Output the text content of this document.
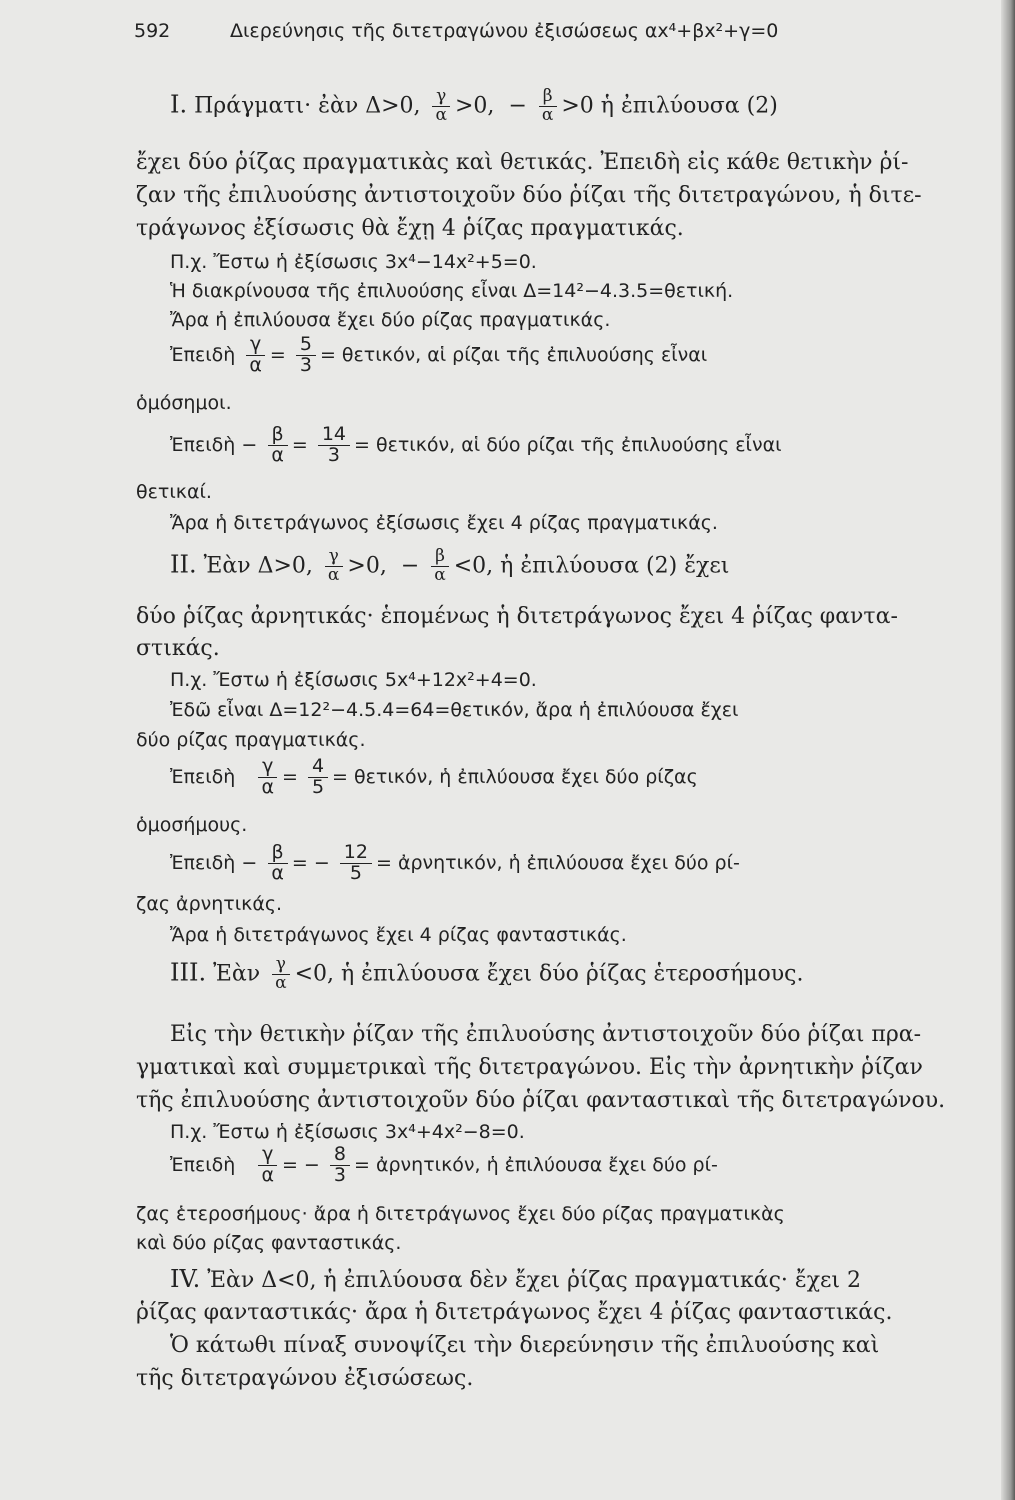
592	Διερεύνησις τῆς διτετραγώνου ἐξισώσεως αx⁴+βx²+γ=0
I. Πράγματι· ἐὰν Δ>0, $\frac{\gamma}{\alpha} >0$, − $\frac{\beta}{\alpha} >0$ ἡ ἐπιλύουσα (2)
ἔχει δύο ῥίζας πραγματικὰς καὶ θετικάς. Ἐπειδὴ εἰς κάθε θετικὴν ῥί-
ζαν τῆς ἐπιλυούσης ἀντιστοιχοῦν δύο ῥίζαι τῆς διτετραγώνου, ἡ διτε-
τράγωνος ἐξίσωσις θὰ ἔχῃ 4 ῥίζας πραγματικάς.
Π.χ. Ἔστω ἡ ἐξίσωσις 3x⁴−14x²+5=0.
Ἡ διακρίνουσα τῆς ἐπιλυούσης εἶναι Δ=14²−4.3.5=θετική.
Ἄρα ἡ ἐπιλύουσα ἔχει δύο ρίζας πραγματικάς.
Ἐπειδὴ $\frac{\gamma}{\alpha} = \frac{5}{3} = \theta\varepsilon\tau\iota\kappa ό\nu$, αἱ ρίζαι τῆς ἐπιλυούσης εἶναι
ὁμόσημοι.
Ἐπειδὴ − $\frac{\beta}{\alpha} = \frac{14}{3} = \theta\varepsilon\tau\iota\kappa ό\nu$, αἱ δύο ρίζαι τῆς ἐπιλυούσης εἶναι
θετικαί.
Ἄρα ἡ διτετράγωνος ἐξίσωσις ἔχει 4 ρίζας πραγματικάς.
II. Ἐὰν Δ>0, $\frac{\gamma}{\alpha} >0$, − $\frac{\beta}{\alpha} <0$, ἡ ἐπιλύουσα (2) ἔχει
δύο ῥίζας ἀρνητικάς· ἑπομένως ἡ διτετράγωνος ἔχει 4 ῥίζας φαντα-
στικάς.
Π.χ. Ἔστω ἡ ἐξίσωσις 5x⁴+12x²+4=0.
Ἐδῶ εἶναι Δ=12²−4.5.4=64=θετικόν, ἄρα ἡ ἐπιλύουσα ἔχει
δύο ρίζας πραγματικάς.
Ἐπειδὴ $\frac{\gamma}{\alpha} = \frac{4}{5} = \theta\varepsilon\tau\iota\kappa ό\nu$, ἡ ἐπιλύουσα ἔχει δύο ρίζας
ὁμοσήμους.
Ἐπειδὴ − $\frac{\beta}{\alpha}$ = − $\frac{12}{5}$ = ἀρνητικόν, ἡ ἐπιλύουσα ἔχει δύο ρί-
ζας ἀρνητικάς.
Ἄρα ἡ διτετράγωνος ἔχει 4 ρίζας φανταστικάς.
III. Ἐὰν $\frac{\gamma}{\alpha} <0$, ἡ ἐπιλύουσα ἔχει δύο ῥίζας ἑτεροσήμους.
Εἰς τὴν θετικὴν ῥίζαν τῆς ἐπιλυούσης ἀντιστοιχοῦν δύο ῥίζαι πρα-
γματικαὶ καὶ συμμετρικαὶ τῆς διτετραγώνου. Εἰς τὴν ἀρνητικὴν ῥίζαν
τῆς ἐπιλυούσης ἀντιστοιχοῦν δύο ῥίζαι φανταστικαὶ τῆς διτετραγώνου.
Π.χ. Ἔστω ἡ ἐξίσωσις 3x⁴+4x²−8=0.
Ἐπειδὴ $\frac{\gamma}{\alpha}$ = − $\frac{8}{3}$ = ἀρνητικόν, ἡ ἐπιλύουσα ἔχει δύο ρί-
ζας ἑτεροσήμους· ἄρα ἡ διτετράγωνος ἔχει δύο ρίζας πραγματικὰς
καὶ δύο ρίζας φανταστικάς.
IV. Ἐὰν Δ<0, ἡ ἐπιλύουσα δὲν ἔχει ῥίζας πραγματικάς· ἔχει 2
ῥίζας φανταστικάς· ἄρα ἡ διτετράγωνος ἔχει 4 ῥίζας φανταστικάς.
Ὁ κάτωθι πίναξ συνοψίζει τὴν διερεύνησιν τῆς ἐπιλυούσης καὶ
τῆς διτετραγώνου ἐξισώσεως.
